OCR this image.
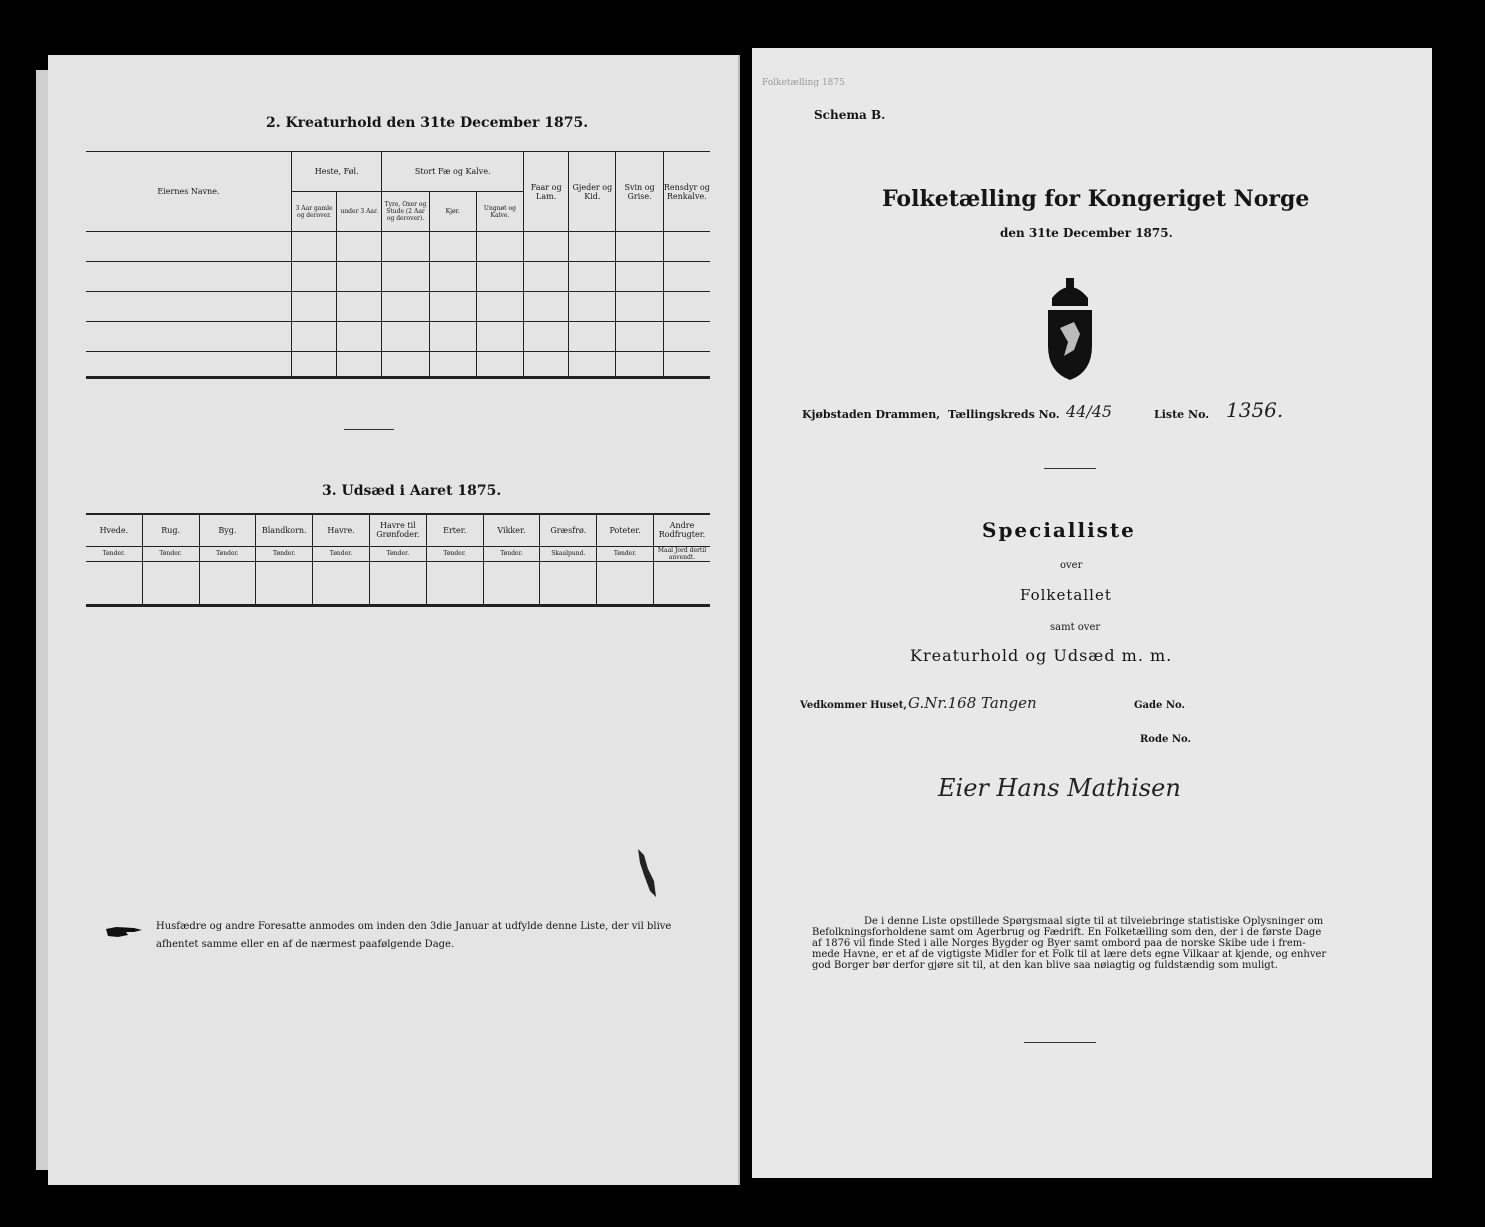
2. Kreaturhold den 31te December 1875.
Eiernes Navne.	Heste, Føl.		Stort Fæ og Kalve.			Faar og Lam.	Gjeder og Kid.	Svin og Grise.	Rensdyr og Renkalve.
	3 Aar gamle og derover.	under 3 Aar.	Tyre, Oxer og Stude (2 Aar og derover).	Kjør.	Ungnøt og Kalve.				

3. Udsæd i Aaret 1875.
Hvede.	Rug.	Byg.	Blandkorn.	Havre.	Havre til Grønfoder.	Erter.	Vikker.	Græsfrø.	Poteter.	Andre Rodfrugter.
Tønder.	Tønder.	Tønder.	Tønder.	Tønder.	Tønder.	Tønder.	Tønder.	Skaalpund.	Tønder.	Maal Jord dertil anvendt.

Husfædre og andre Foresatte anmodes om inden den 3die Januar at udfylde denne Liste, der vil blive
afhentet samme eller en af de nærmest paafølgende Dage.
Folketælling 1875
Schema B.
Folketælling for Kongeriget Norge
den 31te December 1875.
Kjøbstaden Drammen, Tællingskreds No. 44/45	Liste No. 1356.
Specialliste
over
Folketallet
samt over
Kreaturhold og Udsæd m. m.
Vedkommer Huset, G.Nr.168 Tangen	Gade No.
Rode No.
Eier Hans Mathisen
De i denne Liste opstillede Spørgsmaal sigte til at tilveiebringe statistiske Oplysninger om
Befolkningsforholdene samt om Agerbrug og Fædrift. En Folketælling som den, der i de første Dage
af 1876 vil finde Sted i alle Norges Bygder og Byer samt ombord paa de norske Skibe ude i frem-
mede Havne, er et af de vigtigste Midler for et Folk til at lære dets egne Vilkaar at kjende, og enhver
god Borger bør derfor gjøre sit til, at den kan blive saa nøiagtig og fuldstændig som muligt.
